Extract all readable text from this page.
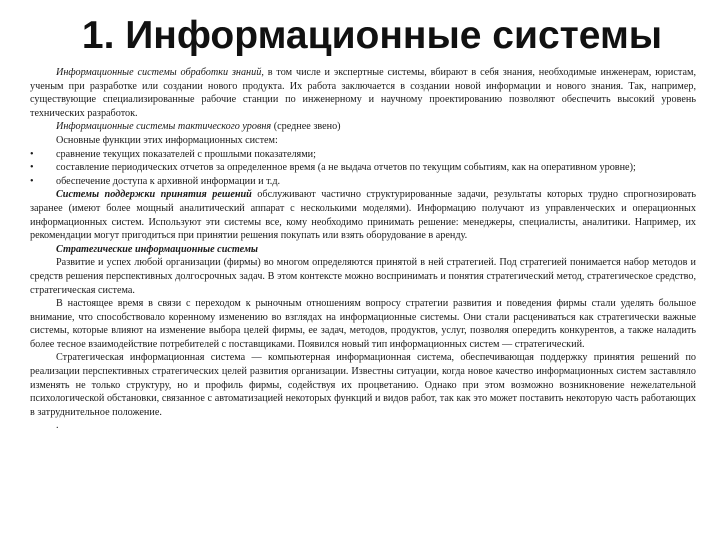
1. Информационные системы

Информационные системы обработки знаний, в том числе и экспертные системы, вбирают в себя знания, необходимые инженерам, юристам, ученым при разработке или создании нового продукта. Их работа заключается в создании новой информации и нового знания. Так, например, существующие специализированные рабочие станции по инженерному и научному проектированию позволяют обеспечить высокий уровень технических разработок.

Информационные системы тактического уровня (среднее звено)

Основные функции этих информационных систем:

•	сравнение текущих показателей с прошлыми показателями;
•	составление периодических отчетов за определенное время (а не выдача отчетов по текущим событиям, как на оперативном уровне);
•	обеспечение доступа к архивной информации и т.д.

Системы поддержки принятия решений обслуживают частично структурированные задачи, результаты которых трудно спрогнозировать заранее (имеют более мощный аналитический аппарат с несколькими моделями). Информацию получают из управленческих и операционных информационных систем. Используют эти системы все, кому необходимо принимать решение: менеджеры, специалисты, аналитики. Например, их рекомендации могут пригодиться при принятии решения покупать или взять оборудование в аренду.

Стратегические информационные системы

Развитие и успех любой организации (фирмы) во многом определяются принятой в ней стратегией. Под стратегией понимается набор методов и средств решения перспективных долгосрочных задач. В этом контексте можно воспринимать и понятия стратегический метод, стратегическое средство, стратегическая система.

В настоящее время в связи с переходом к рыночным отношениям вопросу стратегии развития и поведения фирмы стали уделять большое внимание, что способствовало коренному изменению во взглядах на информационные системы. Они стали расцениваться как стратегически важные системы, которые влияют на изменение выбора целей фирмы, ее задач, методов, продуктов, услуг, позволяя опередить конкурентов, а также наладить более тесное взаимодействие потребителей с поставщиками. Появился новый тип информационных систем — стратегический.

Стратегическая информационная система — компьютерная информационная система, обеспечивающая поддержку принятия решений по реализации перспективных стратегических целей развития организации. Известны ситуации, когда новое качество информационных систем заставляло изменять не только структуру, но и профиль фирмы, содействуя их процветанию. Однако при этом возможно возникновение нежелательной психологической обстановки, связанное с автоматизацией некоторых функций и видов работ, так как это может поставить некоторую часть работающих в затруднительное положение.

.
